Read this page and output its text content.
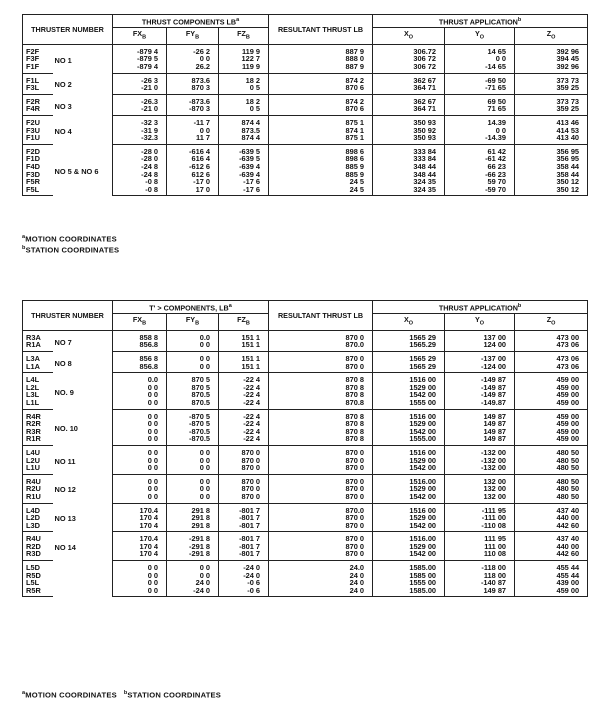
THRUSTER NUMBER		THRUST COMPONENTS $LB^a$			RESULTANT THRUST LB	THRUST APPLICATION$^b$
		$FX_B$	$FY_B$	$FZ_B$		$X_O$	$Y_O$	$Z_O$
F2F	NO 1	-879 4	-26 2	119 9	887 9	306.72	14 65	392 96
F3F		-879 5	0 0	122 7	888 0	306 72	0 0	394 45
F1F		-879 4	26.2	119 9	887 9	306 72	-14 65	392 96
F1L	NO 2	-26 3	873.6	18 2	874 2	362 67	-69 50	373 73
F3L		-21 0	870 3	0 5	870 6	364 71	-71 65	359 25
F2R	NO 3	-26.3	-873.6	18 2	874 2	362 67	69 50	373 73
F4R		-21 0	-870 3	0 5	870 6	364 71	71 65	359 25
F2U	NO 4	-32 3	-11 7	874 4	875 1	350 93	14.39	413 46
F3U		-31 9	0 0	873.5	874 1	350 92	0 0	414 53
F1U		-32.3	11 7	874 4	875 1	350 93	-14.39	413 40
F2D	NO 5 & NO 6	-28 0	-616 4	-639 5	898 6	333 84	61 42	356 95
F1D		-28 0	616 4	-639 5	898 6	333 84	-61 42	356 95
F4D		-24 8	-612 6	-639 4	885 9	348 44	66 23	358 44
F3D		-24 8	612 6	-639 4	885 9	348 44	-66 23	358 44
F5R		-0 8	-17 0	-17 6	24 5	324 35	59 70	350 12
F5L		-0 8	17 0	-17 6	24 5	324 35	-59 70	350 12
$^a$MOTION COORDINATES
$^b$STATION COORDINATES
THRUSTER NUMBER		T' > COMPONENTS, $LB^a$			RESULTANT THRUST LB	THRUST APPLICATION$^b$
		$FX_B$	$FY_B$	$FZ_B$		$X_O$	$Y_O$	$Z_O$
R3A	NO 7	858 8	0.0	151 1	870 0	1565 29	137 00	473 00
R1A		856.8	0 0	151 1	870.0	1565.29	124 00	473 06
L3A	NO 8	856 8	0 0	151 1	870 0	1565 29	-137 00	473 06
L1A		856.8	0 0	151 1	870 0	1565 29	-124 00	473 06
L4L	NO. 9	0.0	870 5	-22 4	870 8	1516 00	-149 87	459 00
L2L		0 0	870 5	-22 4	870 8	1529 00	-149 87	459 00
L3L		0 0	870.5	-22 4	870 8	1542 00	-149 87	459 00
L1L		0 0	870.5	-22 4	870.8	1555 00	-149.87	459 00
R4R	NO. 10	0 0	-870 5	-22 4	870 8	1516 00	149 87	459 00
R2R		0 0	-870 5	-22 4	870 8	1529 00	149 87	459 00
R3R		0 0	-870.5	-22 4	870 8	1542 00	149 87	459 00
R1R		0 0	-870.5	-22 4	870 8	1555.00	149 87	459 00
L4U	NO 11	0 0	0 0	870 0	870 0	1516 00	-132 00	480 50
L2U		0 0	0 0	870 0	870 0	1529 00	-132 00	480 50
L1U		0 0	0 0	870 0	870 0	1542 00	-132 00	480 50
R4U	NO 12	0 0	0 0	870 0	870 0	1516.00	132 00	480 50
R2U		0 0	0 0	870 0	870 0	1529 00	132 00	480 50
R1U		0 0	0 0	870 0	870 0	1542 00	132 00	480 50
L4D	NO 13	170.4	291 8	-801 7	870.0	1516 00	-111 95	437 40
L2D		170 4	291 8	-801 7	870 0	1529 00	-111 00	440 00
L3D		170 4	291 8	-801 7	870 0	1542 00	-110 08	442 60
R4U	NO 14	170.4	-291 8	-801 7	870 0	1516.00	111 95	437 40
R2D		170 4	-291 8	-801 7	870 0	1529 00	111 00	440 00
R3D		170 4	-291 8	-801 7	870 0	1542 00	110 08	442 60
L5D		0 0	0 0	-24 0	24.0	1585.00	-118 00	455 44
R5D		0 0	0 0	-24 0	24 0	1585 00	118 00	455 44
L5L		0 0	24 0	-0 6	24 0	1555 00	-140 87	439 00
R5R		0 0	-24 0	-0 6	24 0	1585.00	149 87	459 00
$^a$MOTION COORDINATES $^b$STATION COORDINATES
